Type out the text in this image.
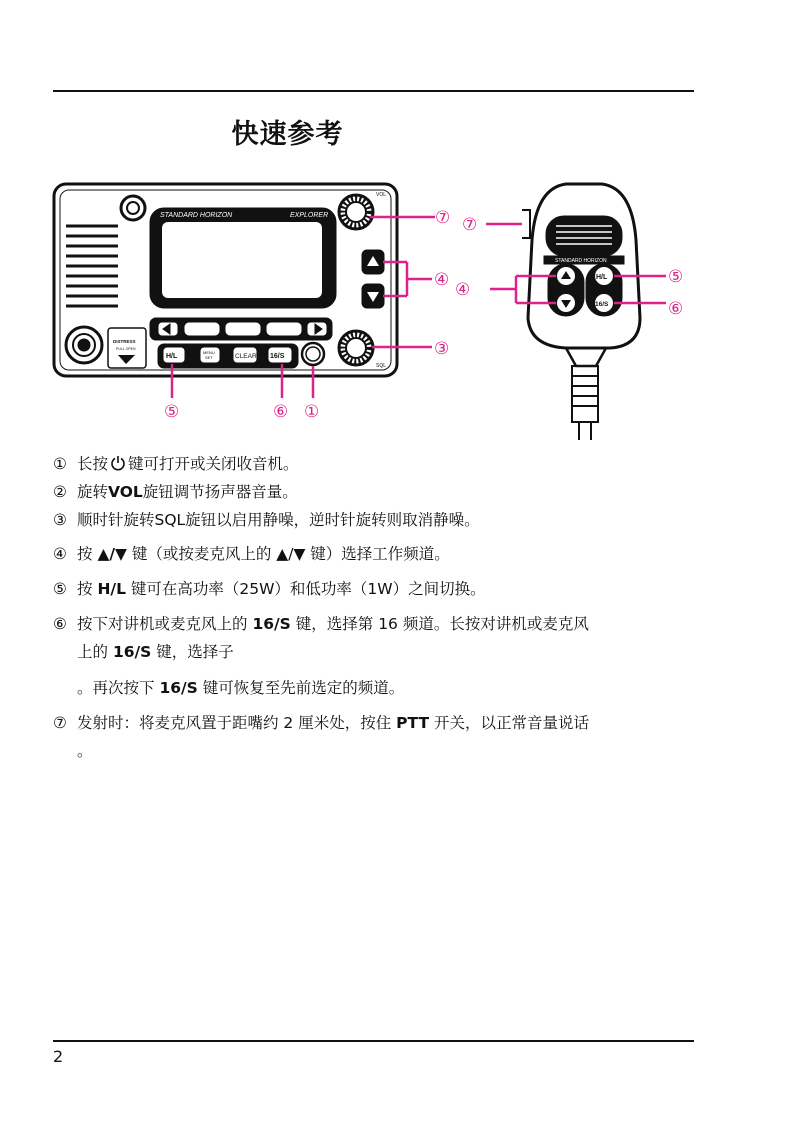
快速参考
STANDARD HORIZON	EXPLORER
H/L
MENU
SET	CLEAR 16/S
VOL
SQL
DISTRESS
PULL OPEN
STANDARD HORIZON
H/L
16/S
⑦ ⑦
④
④
③
⑤	⑥ ①
⑤
⑥
① 长按 键可打开或关闭收音机。
② 旋转VOL旋钮调节扬声器音量。
③ 顺时针旋转SQL旋钮以启用静噪，逆时针旋转则取消静噪。
④ 按 ▲/▼ 键（或按麦克风上的 ▲/▼ 键）选择工作频道。
⑤ 按 H/L 键可在高功率（25W）和低功率（1W）之间切换。
⑥ 按下对讲机或麦克风上的 16/S 键，选择第 16 频道。长按对讲机或麦克风
上的 16/S 键，选择子
。再次按下 16/S 键可恢复至先前选定的频道。
⑦ 发射时：将麦克风置于距嘴约 2 厘米处，按住 PTT 开关，以正常音量说话
。
2
